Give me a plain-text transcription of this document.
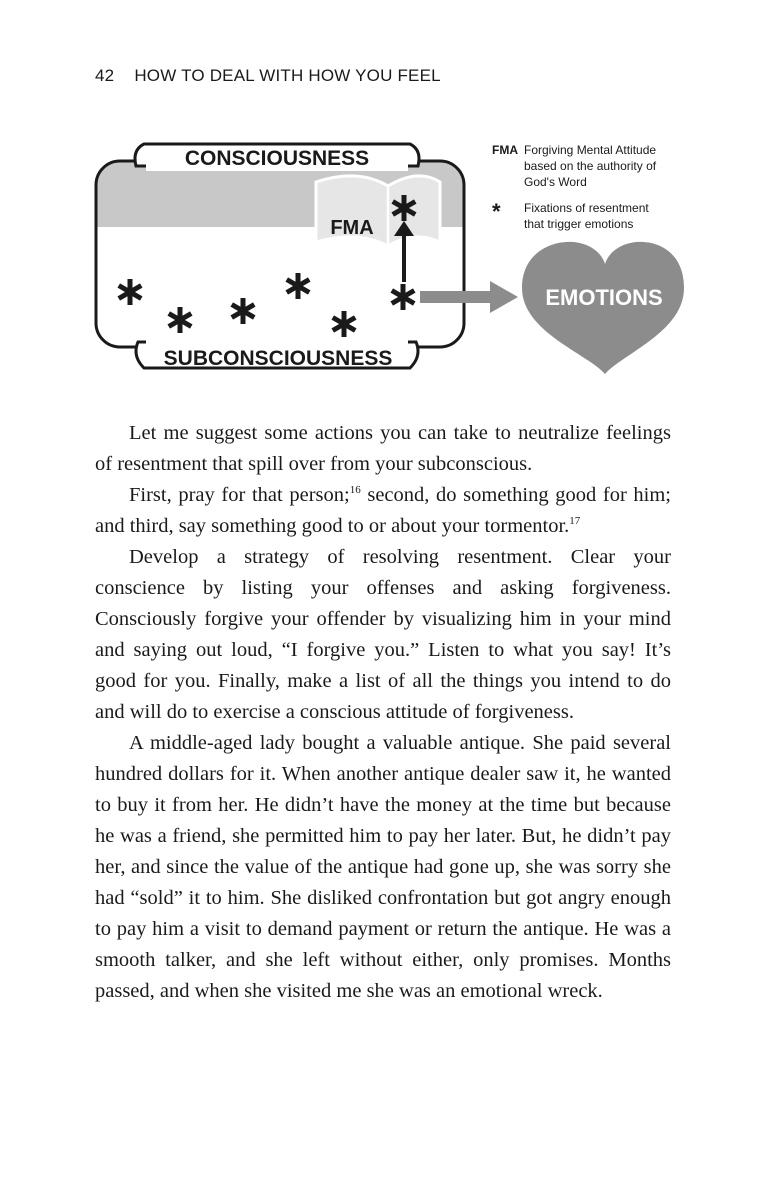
42 HOW TO DEAL WITH HOW YOU FEEL
CONSCIOUSNESS
SUBCONSCIOUSNESS
FMA
EMOTIONS
FMA Forgiving Mental Attitude
based on the authority of
God's Word
* Fixations of resentment
that trigger emotions

Let me suggest some actions you can take to neutralize feelings of resentment that spill over from your subconscious.

First, pray for that person;$^{16}$ second, do something good for him; and third, say something good to or about your tormentor.$^{17}$

Develop a strategy of resolving resentment. Clear your conscience by listing your offenses and asking forgiveness. Consciously forgive your offender by visualizing him in your mind and saying out loud, “I forgive you.” Listen to what you say! It’s good for you. Finally, make a list of all the things you intend to do and will do to exercise a conscious attitude of forgiveness.

A middle-aged lady bought a valuable antique. She paid several hundred dollars for it. When another antique dealer saw it, he wanted to buy it from her. He didn’t have the money at the time but because he was a friend, she permitted him to pay her later. But, he didn’t pay her, and since the value of the antique had gone up, she was sorry she had “sold” it to him. She disliked confrontation but got angry enough to pay him a visit to demand payment or return the antique. He was a smooth talker, and she left without either, only promises. Months passed, and when she visited me she was an emotional wreck.
